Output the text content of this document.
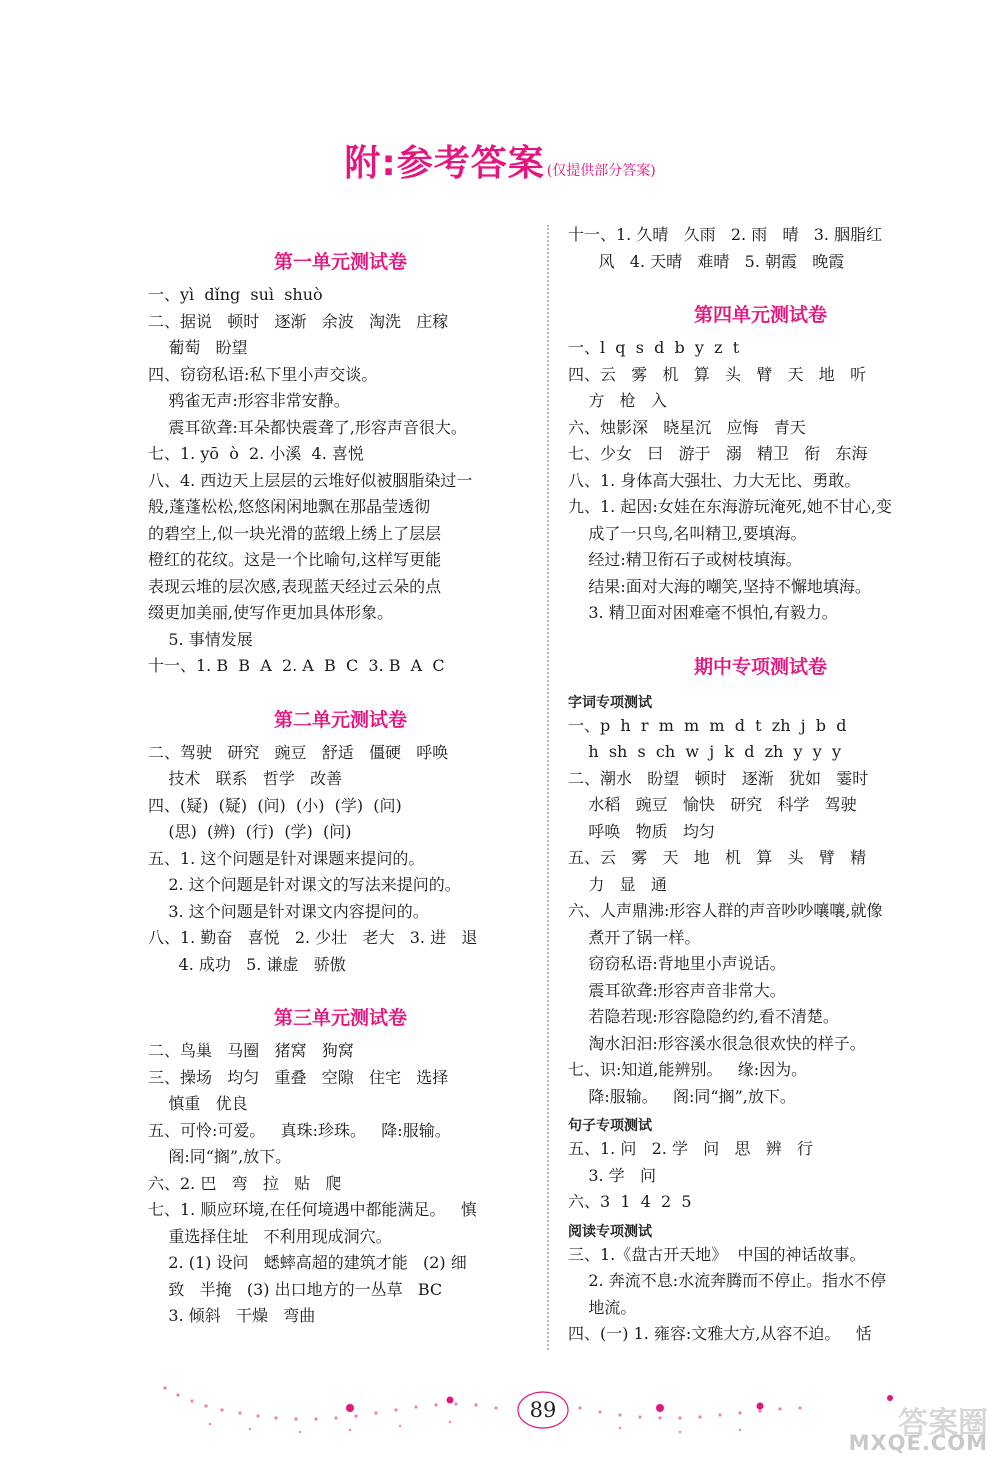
附:参考答案 (仅提供部分答案)
第一单元测试卷
一、yì  dǐng  suì  shuò
二、据说   顿时   逐渐   余波   淘洗   庄稼
葡萄   盼望
四、窃窃私语:私下里小声交谈。
鸦雀无声:形容非常安静。
震耳欲聋:耳朵都快震聋了,形容声音很大。
七、1. yō  ò  2. 小溪  4. 喜悦
八、4. 西边天上层层的云堆好似被胭脂染过一
般,蓬蓬松松,悠悠闲闲地飘在那晶莹透彻
的碧空上,似一块光滑的蓝缎上绣上了层层
橙红的花纹。这是一个比喻句,这样写更能
表现云堆的层次感,表现蓝天经过云朵的点
缀更加美丽,使写作更加具体形象。
5. 事情发展
十一、1. B  B  A  2. A  B  C  3. B  A  C
第二单元测试卷
二、驾驶   研究   豌豆   舒适   僵硬   呼唤
技术   联系   哲学   改善
四、(疑)  (疑)  (问)  (小)  (学)  (问)
(思)  (辨)  (行)  (学)  (问)
五、1. 这个问题是针对课题来提问的。
2. 这个问题是针对课文的写法来提问的。
3. 这个问题是针对课文内容提问的。
八、1. 勤奋   喜悦   2. 少壮   老大   3. 进   退
4. 成功   5. 谦虚   骄傲
第三单元测试卷
二、鸟巢   马圈   猪窝   狗窝
三、操场   均匀   重叠   空隙   住宅   选择
慎重   优良
五、可怜:可爱。   真珠:珍珠。   降:服输。
阁:同“搁”,放下。
六、2. 巴   弯   拉   贴   爬
七、1. 顺应环境,在任何境遇中都能满足。   慎
重选择住址   不利用现成洞穴。
2. (1) 设问   蟋蟀高超的建筑才能   (2) 细
致   半掩   (3) 出口地方的一丛草   BC
3. 倾斜   干燥   弯曲
十一、1. 久晴   久雨   2. 雨   晴   3. 胭脂红
风   4. 天晴   难晴   5. 朝霞   晚霞
第四单元测试卷
一、l  q  s  d  b  y  z  t
四、云   雾   机   算   头   臂   天   地   听
方   枪   入
六、烛影深   晓星沉   应悔   青天
七、少女   曰   游于   溺   精卫   衔   东海
八、1. 身体高大强壮、力大无比、勇敢。
九、1. 起因:女娃在东海游玩淹死,她不甘心,变
成了一只鸟,名叫精卫,要填海。
经过:精卫衔石子或树枝填海。
结果:面对大海的嘲笑,坚持不懈地填海。
3. 精卫面对困难毫不惧怕,有毅力。
期中专项测试卷
字词专项测试
一、p  h  r  m  m  m  d  t  zh  j  b  d
h  sh  s  ch  w  j  k  d  zh  y  y  y
二、潮水   盼望   顿时   逐渐   犹如   霎时
水稻   豌豆   愉快   研究   科学   驾驶
呼唤   物质   均匀
五、云   雾   天   地   机   算   头   臂   精
力   显   通
六、人声鼎沸:形容人群的声音吵吵嚷嚷,就像
煮开了锅一样。
窃窃私语:背地里小声说话。
震耳欲聋:形容声音非常大。
若隐若现:形容隐隐约约,看不清楚。
淘水汩汩:形容溪水很急很欢快的样子。
七、识:知道,能辨别。   缘:因为。
降:服输。   阁:同“搁”,放下。
句子专项测试
五、1. 问   2. 学   问   思   辨   行
3. 学   问
六、3  1  4  2  5
阅读专项测试
三、1.《盘古开天地》  中国的神话故事。
2. 奔流不息:水流奔腾而不停止。指水不停
地流。
四、(一) 1. 雍容:文雅大方,从容不迫。   恬
89	答案圈
MXQE.COM
